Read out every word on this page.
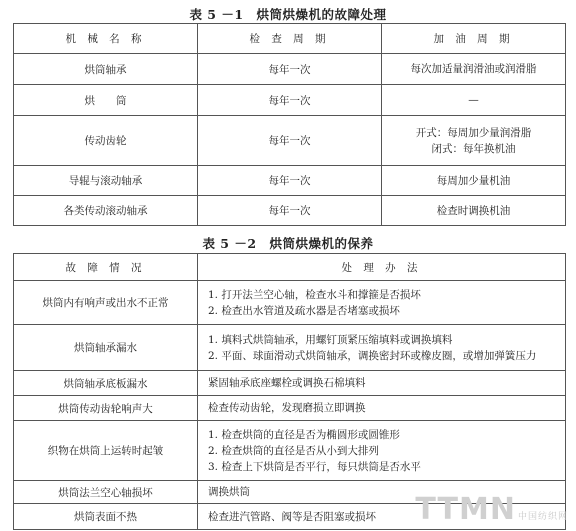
表 5 －1　烘筒烘燥机的故障处理
机 械 名 称	检 查 周 期	加 油 周 期
烘筒轴承	每年一次	每次加适量润滑油或润滑脂

烘　　筒	每年一次	—

传动齿轮	每年一次	开式：每周加少量润滑脂
闭式：每年换机油

导辊与滚动轴承	每年一次	每周加少量机油

各类传动滚动轴承	每年一次	检查时调换机油
表 5 －2　烘筒烘燥机的保养
故 障 情 况	处 理 办 法
烘筒内有响声或出水不正常	1. 打开法兰空心轴，检查水斗和撑箍是否损坏
2. 检查出水管道及疏水器是否堵塞或损坏

烘筒轴承漏水	1. 填料式烘筒轴承，用螺钉顶紧压缩填料或调换填料
2. 平面、球面滑动式烘筒轴承，调换密封环或橡皮圈，或增加弹簧压力

烘筒轴承底板漏水	紧固轴承底座螺栓或调换石棉填料

烘筒传动齿轮响声大	检查传动齿轮，发现磨损立即调换

织物在烘筒上运转时起皱	1. 检查烘筒的直径是否为椭圆形或圆锥形
2. 检查烘筒的直径是否从小到大排列
3. 检查上下烘筒是否平行，每只烘筒是否水平

烘筒法兰空心轴损坏	调换烘筒

烘筒表面不热	检查进汽管路、阀等是否阻塞或损坏	TTMN 中国纺织网
